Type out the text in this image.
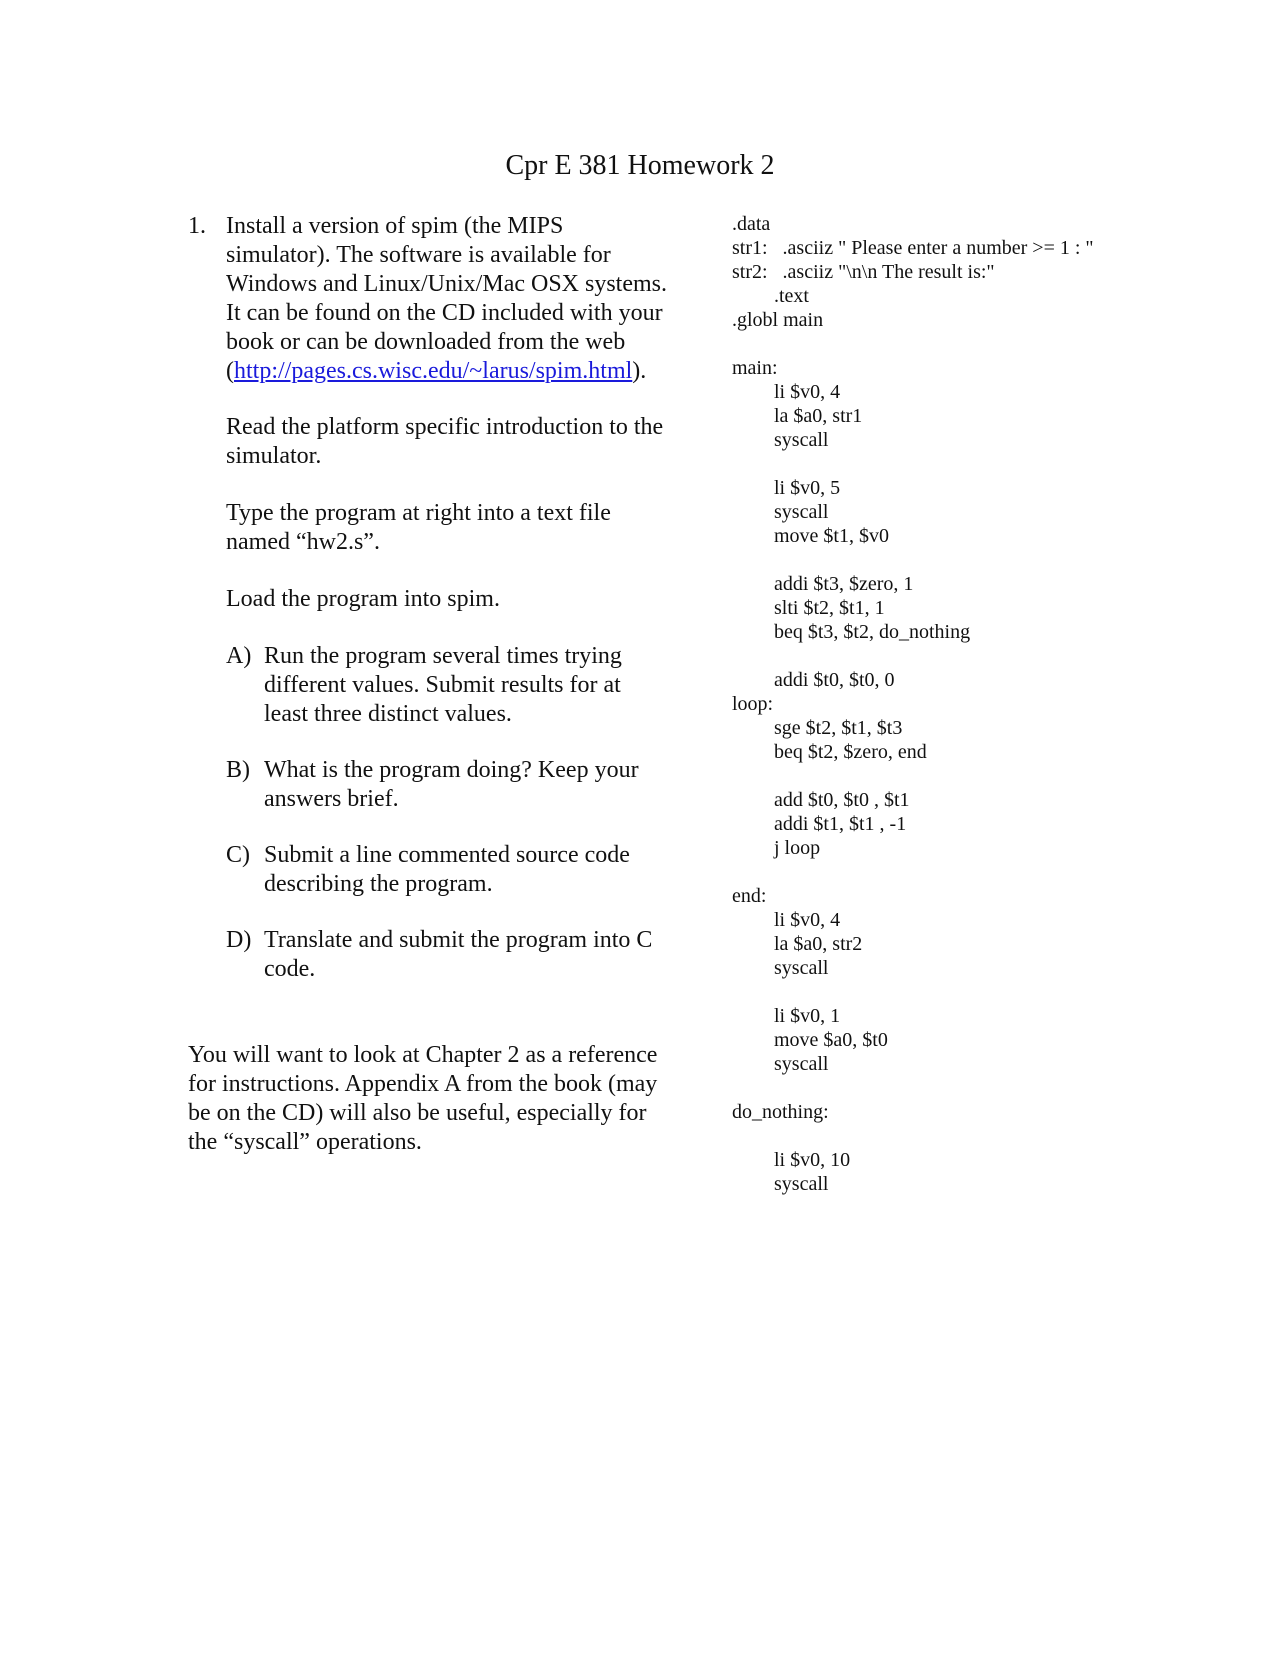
Cpr E 381 Homework 2
1. Install a version of spim (the MIPS simulator). The software is available for Windows and Linux/Unix/Mac OSX systems. It can be found on the CD included with your book or can be downloaded from the web (http://pages.cs.wisc.edu/~larus/spim.html).

Read the platform specific introduction to the simulator.

Type the program at right into a text file named “hw2.s”.

Load the program into spim.

A) Run the program several times trying different values. Submit results for at least three distinct values.
B) What is the program doing? Keep your answers brief.
C) Submit a line commented source code describing the program.
D) Translate and submit the program into C code.

You will want to look at Chapter 2 as a reference for instructions. Appendix A from the book (may be on the CD) will also be useful, especially for the “syscall” operations.

.data
str1:   .asciiz " Please enter a number >= 1 : "
str2:   .asciiz "\n\n The result is:"
.text
.globl main
main:
li $v0, 4
la $a0, str1
syscall
li $v0, 5
syscall
move $t1, $v0
addi $t3, $zero, 1
slti $t2, $t1, 1
beq $t3, $t2, do_nothing
addi $t0, $t0, 0
loop:
sge $t2, $t1, $t3
beq $t2, $zero, end
add $t0, $t0 , $t1
addi $t1, $t1 , -1
j loop
end:
li $v0, 4
la $a0, str2
syscall
li $v0, 1
move $a0, $t0
syscall
do_nothing:
li $v0, 10
syscall
